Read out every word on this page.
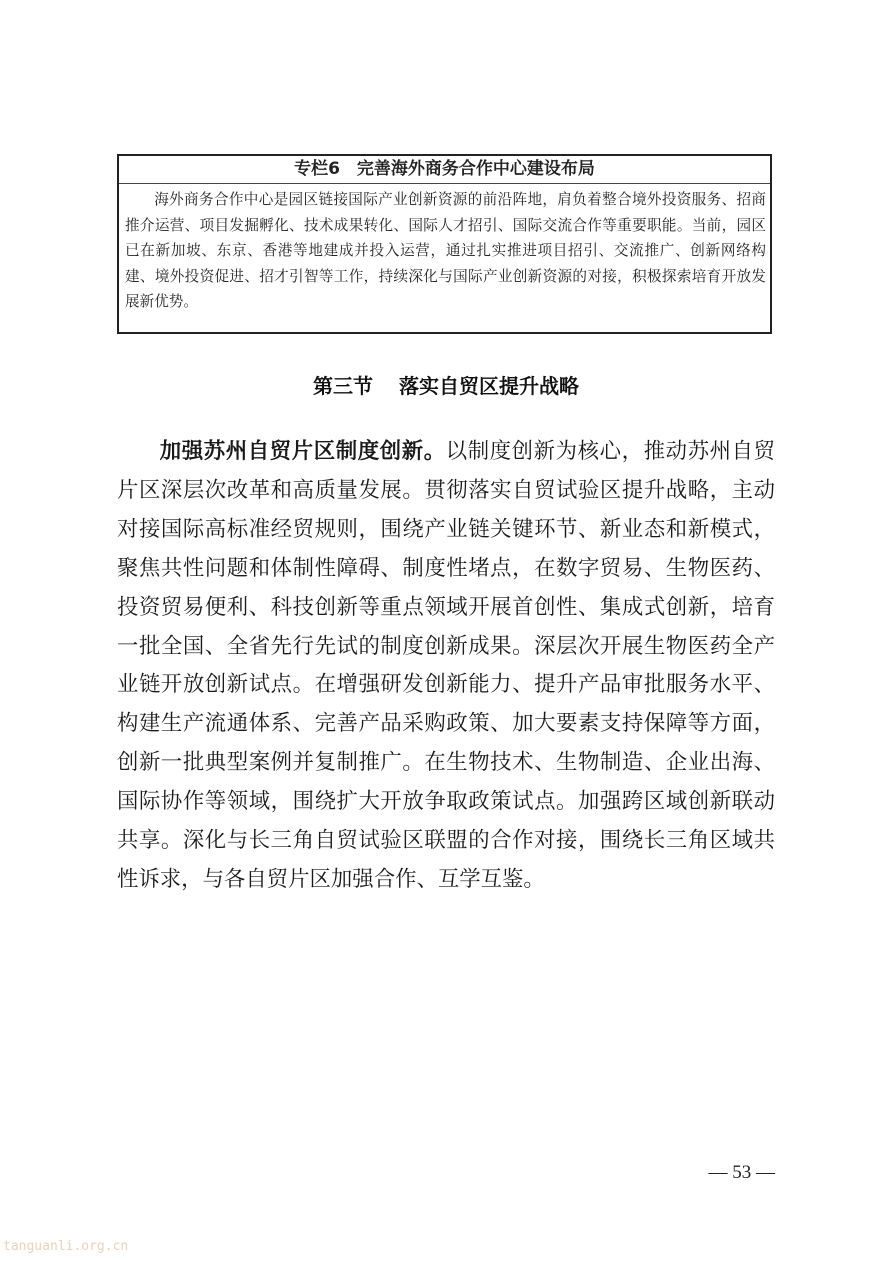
专栏6　完善海外商务合作中心建设布局
海外商务合作中心是园区链接国际产业创新资源的前沿阵地，肩负着整合境外投资服务、招商推介运营、项目发掘孵化、技术成果转化、国际人才招引、国际交流合作等重要职能。当前，园区已在新加坡、东京、香港等地建成并投入运营，通过扎实推进项目招引、交流推广、创新网络构建、境外投资促进、招才引智等工作，持续深化与国际产业创新资源的对接，积极探索培育开放发展新优势。
第三节 落实自贸区提升战略
加强苏州自贸片区制度创新。以制度创新为核心，推动苏州自贸片区深层次改革和高质量发展。贯彻落实自贸试验区提升战略，主动对接国际高标准经贸规则，围绕产业链关键环节、新业态和新模式，聚焦共性问题和体制性障碍、制度性堵点，在数字贸易、生物医药、投资贸易便利、科技创新等重点领域开展首创性、集成式创新，培育一批全国、全省先行先试的制度创新成果。深层次开展生物医药全产业链开放创新试点。在增强研发创新能力、提升产品审批服务水平、构建生产流通体系、完善产品采购政策、加大要素支持保障等方面，创新一批典型案例并复制推广。在生物技术、生物制造、企业出海、国际协作等领域，围绕扩大开放争取政策试点。加强跨区域创新联动共享。深化与长三角自贸试验区联盟的合作对接，围绕长三角区域共性诉求，与各自贸片区加强合作、互学互鉴。
— 53 —
tanguanli.org.cn
